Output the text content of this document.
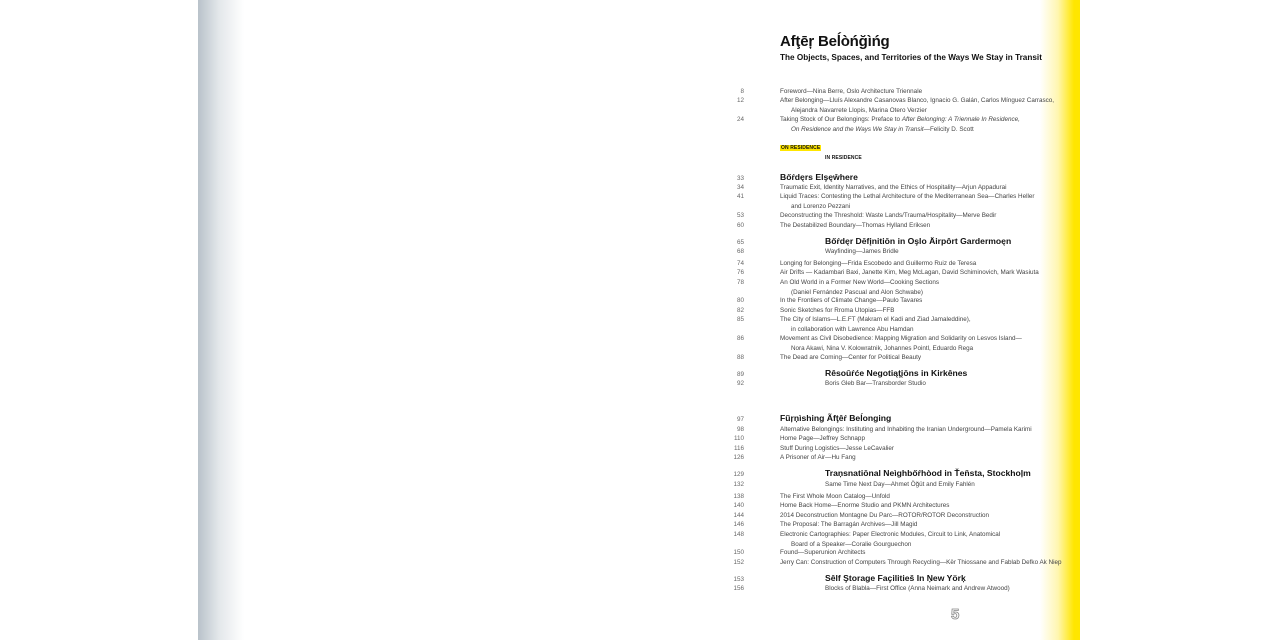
Afţēŗ Beĺòńğìńg
The Objects, Spaces, and Territories of the Ways We Stay in Transit
ON RESIDENCE
IN RESIDENCE
8	Foreword—Nina Berre, Oslo Architecture Triennale
12	After Belonging—Lluís Alexandre Casanovas Blanco, Ignacio G. Galán, Carlos Mínguez Carrasco,
Alejandra Navarrete Llopis, Marina Otero Verzier
24	Taking Stock of Our Belongings: Preface to After Belonging: A Triennale In Residence,
On Residence and the Ways We Stay in Transit—Felicity D. Scott
33	Bőŕdęrs Elşęŵhere
34	Traumatic Exit, Identity Narratives, and the Ethics of Hospitality—Arjun Appadurai
41	Liquid Traces: Contesting the Lethal Architecture of the Mediterranean Sea—Charles Heller
and Lorenzo Pezzani
53	Deconstructing the Threshold: Waste Lands/Trauma/Hospitality—Merve Bedir
60	The Destabilized Boundary—Thomas Hylland Eriksen
65	Bőŕdęr Dēfįnitiōn in Oşlo Äirpôrt Gardermoęn
68	Wayfinding—James Bridle
74	Longing for Belonging—Frida Escobedo and Guillermo Ruiz de Teresa
76	Air Drifts — Kadambari Baxi, Janette Kim, Meg McLagan, David Schiminovich, Mark Wasiuta
78	An Old World in a Former New World—Cooking Sections
(Daniel Fernández Pascual and Alon Schwabe)
80	In the Frontiers of Climate Change—Paulo Tavares
82	Sonic Sketches for Rroma Utopias—FFB
85	The City of Islams—L.E.FT (Makram el Kadi and Ziad Jamaleddine),
in collaboration with Lawrence Abu Hamdan
86	Movement as Civil Disobedience: Mapping Migration and Solidarity on Lesvos Island—
Nora Akawi, Nina V. Kolowratnik, Johannes Pointl, Eduardo Rega
88	The Dead are Coming—Center for Political Beauty
89	Rêsoūŕće Negotiąţįōns in Kirkênes
92	Boris Gleb Bar—Transborder Studio
97	Fũŗņìshing Ãfţêŕ Beĺonging
98	Alternative Belongings: Instituting and Inhabiting the Iranian Underground—Pamela Karimi
110	Home Page—Jeffrey Schnapp
116	Stuff During Logistics—Jesse LeCavalier
126	A Prisoner of Air—Hu Fang
129	Traņsnatiōnal Neìghbőŕhòod in Ťeňsta, Stockhoļm
132	Same Time Next Day—Ahmet Öğüt and Emily Fahlén
138	The First Whole Moon Catalog—Unfold
140	Home Back Home—Enorme Studio and PKMN Architectures
144	2014 Deconstruction Montagne Du Parc—ROTOR/ROTOR Deconstruction
146	The Proposal: The Barragán Archives—Jill Magid
148	Electronic Cartographies: Paper Electronic Modules, Circuit to Link, Anatomical
Board of a Speaker—Coralie Gourguechon
150	Found—Superunion Architects
152	Jerry Can: Construction of Computers Through Recycling—Kër Thiossane and Fablab Defko Ak Niep
153	Sêlf Ştorage Façilitieš In Ņew Yörķ
156	Blocks of Blabla—First Office (Anna Neimark and Andrew Atwood)
5
